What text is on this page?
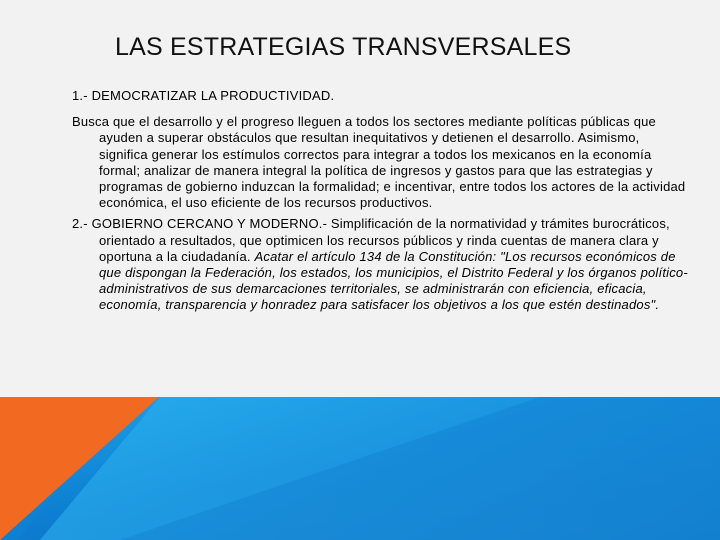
LAS ESTRATEGIAS TRANSVERSALES
1.- DEMOCRATIZAR LA PRODUCTIVIDAD.

Busca que el desarrollo y el progreso lleguen a todos los sectores mediante políticas públicas que ayuden a superar obstáculos que resultan inequitativos y detienen el desarrollo. Asimismo, significa generar los estímulos correctos para integrar a todos los mexicanos en la economía formal; analizar de manera integral la política de ingresos y gastos para que las estrategias y programas de gobierno induzcan la formalidad; e incentivar, entre todos los actores de la actividad económica, el uso eficiente de los recursos productivos.

2.- GOBIERNO CERCANO Y MODERNO.- Simplificación de la normatividad y trámites burocráticos, orientado a resultados, que optimicen los recursos públicos y rinda cuentas de manera clara y oportuna a la ciudadanía. Acatar el artículo 134 de la Constitución: "Los recursos económicos de que dispongan la Federación, los estados, los municipios, el Distrito Federal y los órganos político-administrativos de sus demarcaciones territoriales, se administrarán con eficiencia, eficacia, economía, transparencia y honradez para satisfacer los objetivos a los que estén destinados".
